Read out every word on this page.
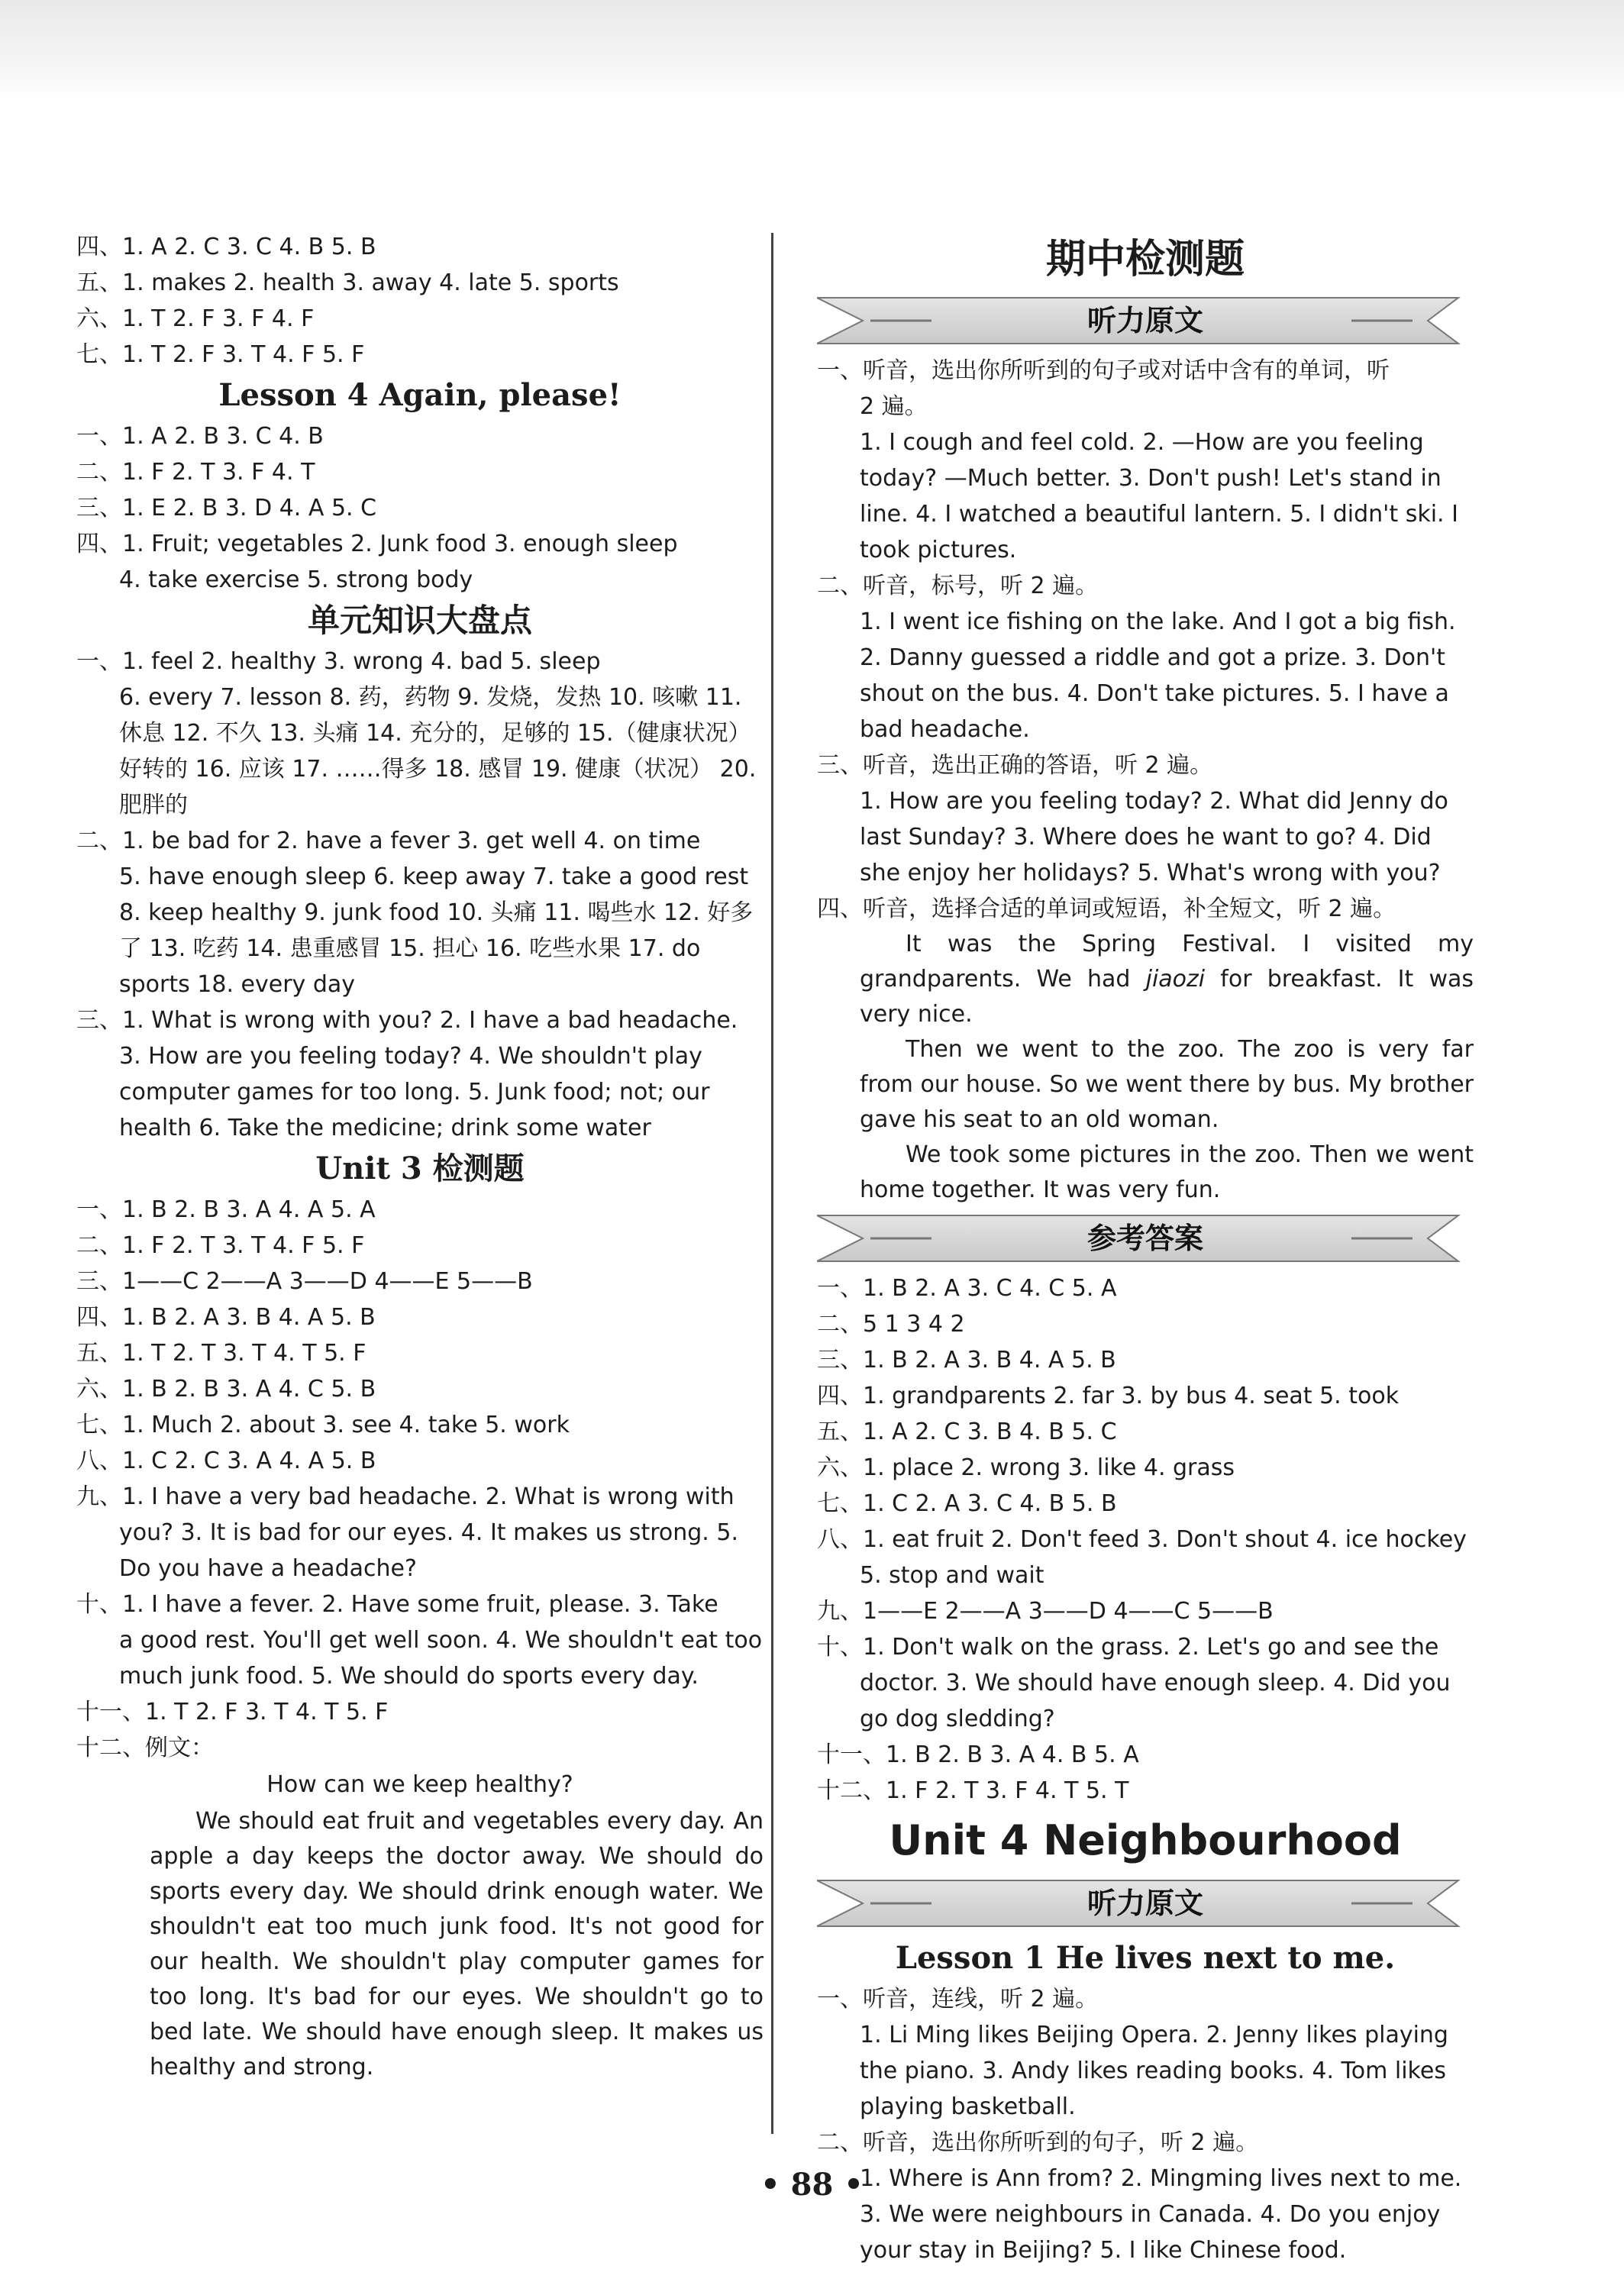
四、1. A 2. C 3. C 4. B 5. B
五、1. makes 2. health 3. away 4. late 5. sports
六、1. T 2. F 3. F 4. F
七、1. T 2. F 3. T 4. F 5. F
Lesson 4 Again, please!
一、1. A 2. B 3. C 4. B
二、1. F 2. T 3. F 4. T
三、1. E 2. B 3. D 4. A 5. C
四、1. Fruit; vegetables 2. Junk food 3. enough sleep
4. take exercise 5. strong body
单元知识大盘点
一、1. feel 2. healthy 3. wrong 4. bad 5. sleep
6. every 7. lesson 8. 药，药物 9. 发烧，发热 10. 咳嗽 11. 休息 12. 不久 13. 头痛 14. 充分的，足够的 15.（健康状况）好转的 16. 应该 17. ……得多 18. 感冒 19. 健康（状况） 20. 肥胖的
二、1. be bad for 2. have a fever 3. get well 4. on time
5. have enough sleep 6. keep away 7. take a good rest 8. keep healthy 9. junk food 10. 头痛 11. 喝些水 12. 好多了 13. 吃药 14. 患重感冒 15. 担心 16. 吃些水果 17. do sports 18. every day
三、1. What is wrong with you? 2. I have a bad headache.
3. How are you feeling today? 4. We shouldn't play computer games for too long. 5. Junk food; not; our health 6. Take the medicine; drink some water
Unit 3 检测题
一、1. B 2. B 3. A 4. A 5. A
二、1. F 2. T 3. T 4. F 5. F
三、1——C 2——A 3——D 4——E 5——B
四、1. B 2. A 3. B 4. A 5. B
五、1. T 2. T 3. T 4. T 5. F
六、1. B 2. B 3. A 4. C 5. B
七、1. Much 2. about 3. see 4. take 5. work
八、1. C 2. C 3. A 4. A 5. B
九、1. I have a very bad headache. 2. What is wrong with
you? 3. It is bad for our eyes. 4. It makes us strong. 5. Do you have a headache?
十、1. I have a fever. 2. Have some fruit, please. 3. Take
a good rest. You'll get well soon. 4. We shouldn't eat too much junk food. 5. We should do sports every day.
十一、1. T 2. F 3. T 4. T 5. F
十二、例文：
How can we keep healthy?
We should eat fruit and vegetables every day. An apple a day keeps the doctor away. We should do sports every day. We should drink enough water. We shouldn't eat too much junk food. It's not good for our health. We shouldn't play computer games for too long. It's bad for our eyes. We shouldn't go to bed late. We should have enough sleep. It makes us healthy and strong.
期中检测题
听力原文
一、听音，选出你所听到的句子或对话中含有的单词，听
2 遍。
1. I cough and feel cold. 2. —How are you feeling today? —Much better. 3. Don't push! Let's stand in line. 4. I watched a beautiful lantern. 5. I didn't ski. I took pictures.
二、听音，标号，听 2 遍。
1. I went ice fishing on the lake. And I got a big fish. 2. Danny guessed a riddle and got a prize. 3. Don't shout on the bus. 4. Don't take pictures. 5. I have a bad headache.
三、听音，选出正确的答语，听 2 遍。
1. How are you feeling today? 2. What did Jenny do last Sunday? 3. Where does he want to go? 4. Did she enjoy her holidays? 5. What's wrong with you?
四、听音，选择合适的单词或短语，补全短文，听 2 遍。
It was the Spring Festival. I visited my grandparents. We had jiaozi for breakfast. It was very nice.
Then we went to the zoo. The zoo is very far from our house. So we went there by bus. My brother gave his seat to an old woman.
We took some pictures in the zoo. Then we went home together. It was very fun.
参考答案
一、1. B 2. A 3. C 4. C 5. A
二、5 1 3 4 2
三、1. B 2. A 3. B 4. A 5. B
四、1. grandparents 2. far 3. by bus 4. seat 5. took
五、1. A 2. C 3. B 4. B 5. C
六、1. place 2. wrong 3. like 4. grass
七、1. C 2. A 3. C 4. B 5. B
八、1. eat fruit 2. Don't feed 3. Don't shout 4. ice hockey
5. stop and wait
九、1——E 2——A 3——D 4——C 5——B
十、1. Don't walk on the grass. 2. Let's go and see the
doctor. 3. We should have enough sleep. 4. Did you go dog sledding?
十一、1. B 2. B 3. A 4. B 5. A
十二、1. F 2. T 3. F 4. T 5. T
Unit 4 Neighbourhood
听力原文
Lesson 1 He lives next to me.
一、听音，连线，听 2 遍。
1. Li Ming likes Beijing Opera. 2. Jenny likes playing the piano. 3. Andy likes reading books. 4. Tom likes playing basketball.
二、听音，选出你所听到的句子，听 2 遍。
1. Where is Ann from? 2. Mingming lives next to me. 3. We were neighbours in Canada. 4. Do you enjoy your stay in Beijing? 5. I like Chinese food.
• 88 •
